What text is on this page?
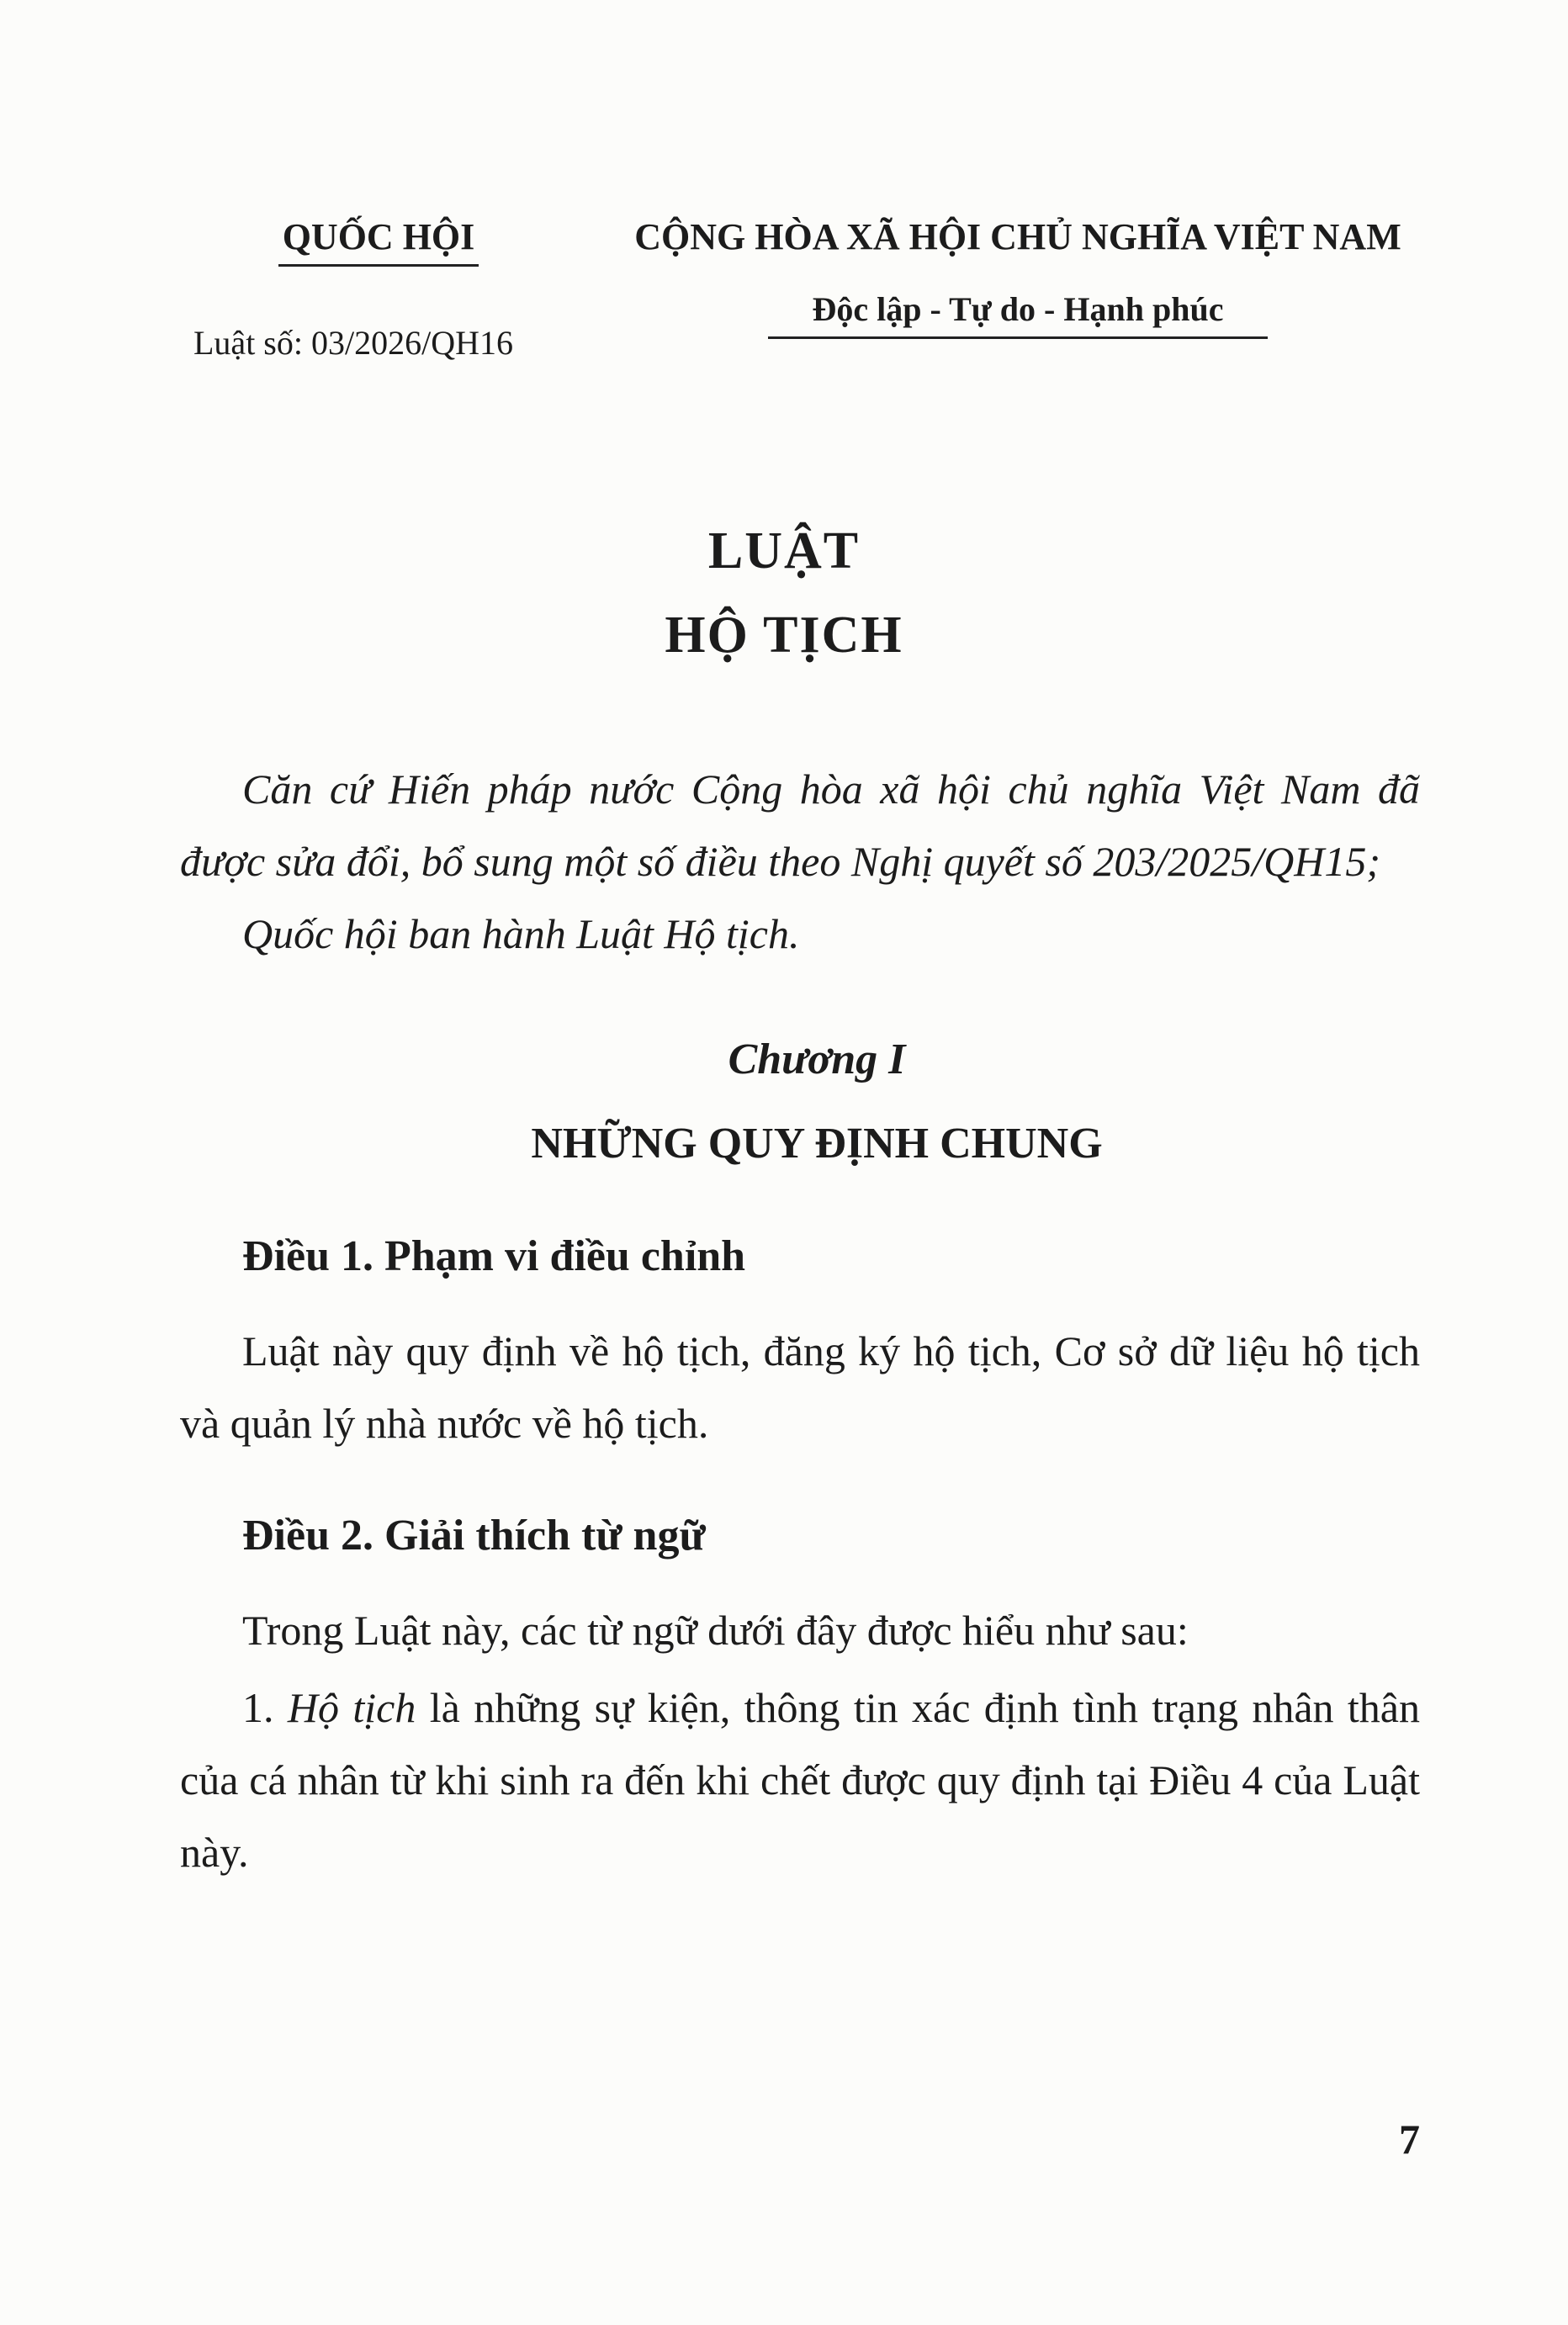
QUỐC HỘI
Luật số: 03/2026/QH16
CỘNG HÒA XÃ HỘI CHỦ NGHĨA VIỆT NAM
Độc lập - Tự do - Hạnh phúc
LUẬT
HỘ TỊCH

Căn cứ Hiến pháp nước Cộng hòa xã hội chủ nghĩa Việt Nam đã được sửa đổi, bổ sung một số điều theo Nghị quyết số 203/2025/QH15;

Quốc hội ban hành Luật Hộ tịch.

Chương I
NHỮNG QUY ĐỊNH CHUNG
Điều 1. Phạm vi điều chỉnh

Luật này quy định về hộ tịch, đăng ký hộ tịch, Cơ sở dữ liệu hộ tịch và quản lý nhà nước về hộ tịch.

Điều 2. Giải thích từ ngữ

Trong Luật này, các từ ngữ dưới đây được hiểu như sau:

1. Hộ tịch là những sự kiện, thông tin xác định tình trạng nhân thân của cá nhân từ khi sinh ra đến khi chết được quy định tại Điều 4 của Luật này.

7
